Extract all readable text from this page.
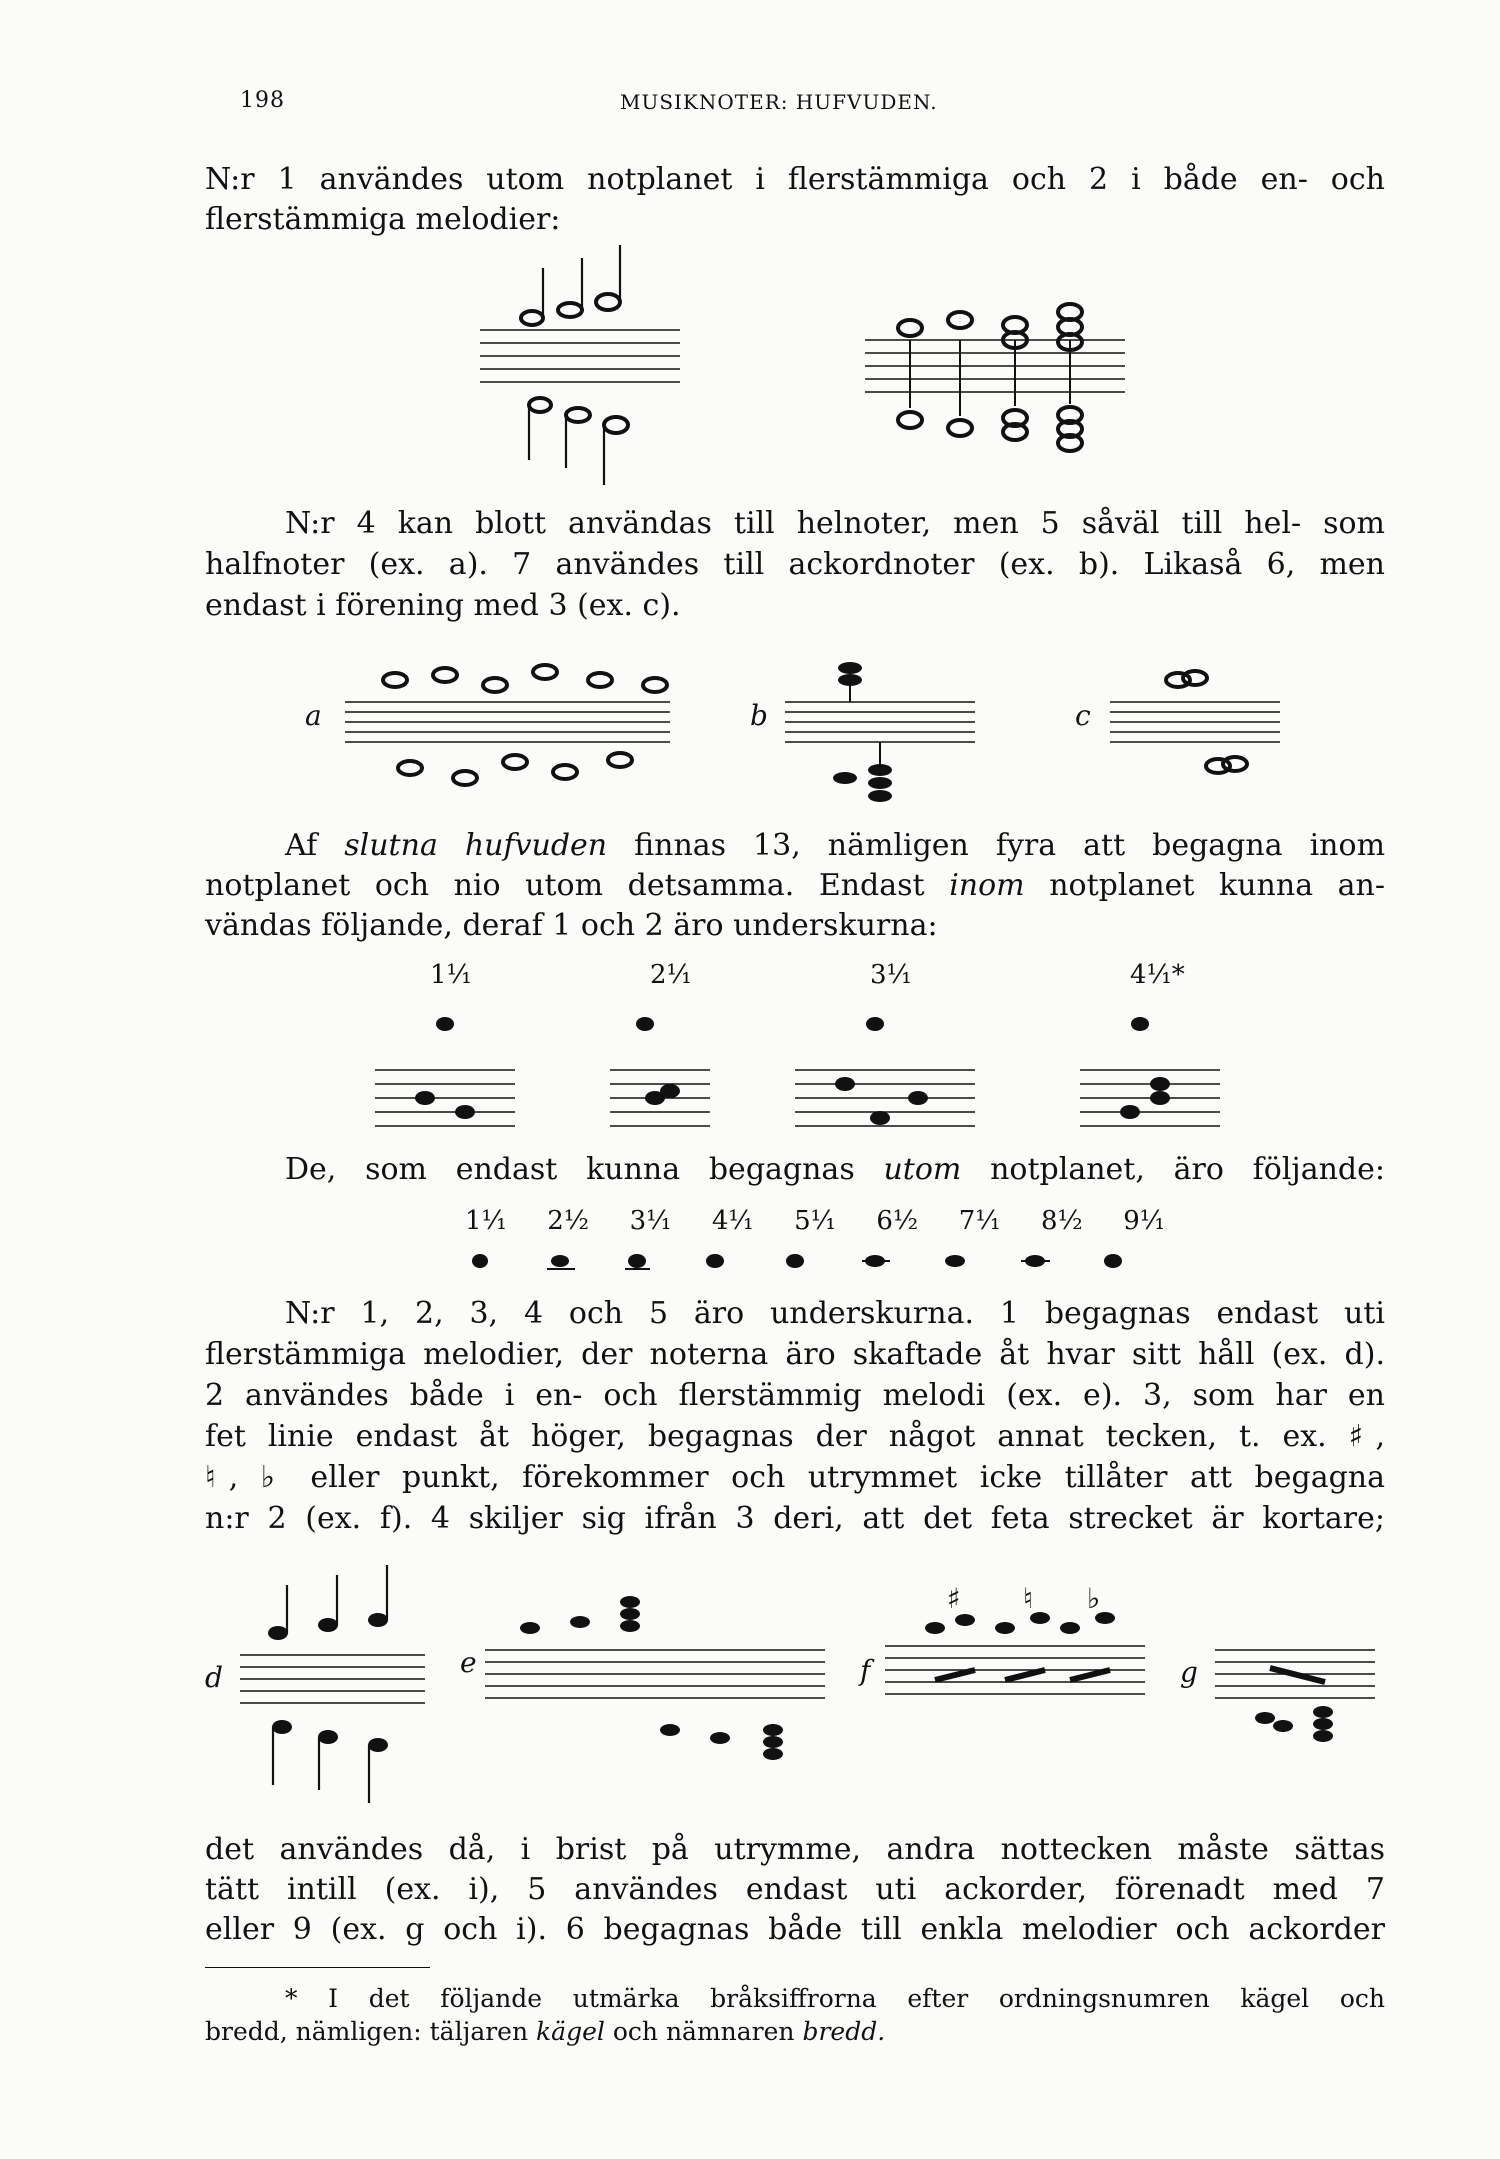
198	MUSIKNOTER: HUFVUDEN.
N:r 1 användes utom notplanet i flerstämmiga och 2 i både en- och
flerstämmiga melodier:
N:r 4 kan blott användas till helnoter, men 5 såväl till hel- som
halfnoter (ex. a). 7 användes till ackordnoter (ex. b). Likaså 6, men
endast i förening med 3 (ex. c).
a	b	c
Af slutna hufvuden finnas 13, nämligen fyra att begagna inom
notplanet och nio utom detsamma. Endast inom notplanet kunna an-
vändas följande, deraf 1 och 2 äro underskurna:
1¹⁄₁	2¹⁄₁	3¹⁄₁	4¹⁄₁*
De, som endast kunna begagnas utom notplanet, äro följande:
1¹⁄₁ 2¹⁄₂ 3¹⁄₁ 4¹⁄₁ 5¹⁄₁ 6¹⁄₂ 7¹⁄₁ 8¹⁄₂ 9¹⁄₁
N:r 1, 2, 3, 4 och 5 äro underskurna. 1 begagnas endast uti
flerstämmiga melodier, der noterna äro skaftade åt hvar sitt håll (ex. d).
2 användes både i en- och flerstämmig melodi (ex. e). 3, som har en
fet linie endast åt höger, begagnas der något annat tecken, t. ex. ♯,
♮, ♭ eller punkt, förekommer och utrymmet icke tillåter att begagna
n:r 2 (ex. f). 4 skiljer sig ifrån 3 deri, att det feta strecket är kortare;
d	e	f
♯ ♮ ♭
g
det användes då, i brist på utrymme, andra nottecken måste sättas
tätt intill (ex. i), 5 användes endast uti ackorder, förenadt med 7
eller 9 (ex. g och i). 6 begagnas både till enkla melodier och ackorder
* I det följande utmärka bråksiffrorna efter ordningsnumren kägel och
bredd, nämligen: täljaren kägel och nämnaren bredd.
